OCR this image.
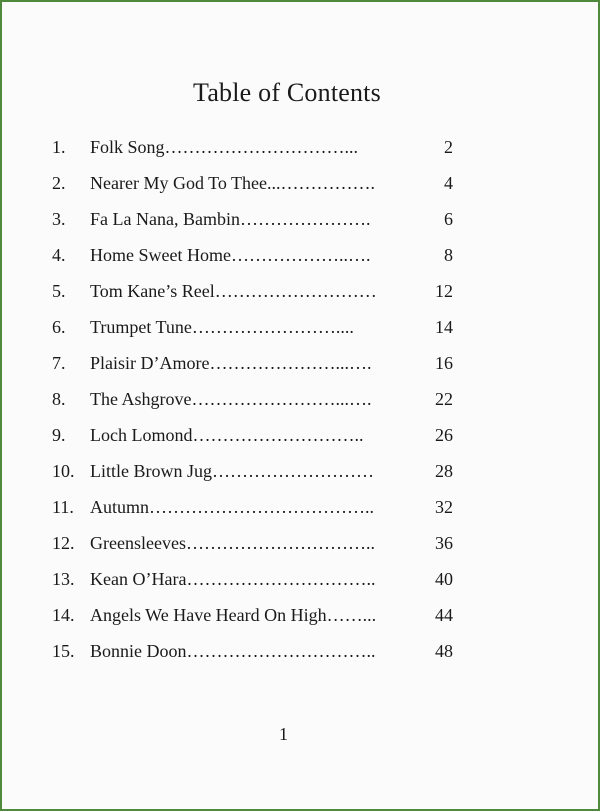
Table of Contents
1. Folk Song…………………………...	2
2. Nearer My God To Thee...…………….	4
3. Fa La Nana, Bambin………………….	6
4. Home Sweet Home………………..….	8
5. Tom Kane’s Reel………………………	12
6. Trumpet Tune……………………....	14
7. Plaisir D’Amore…………………...….	16
8. The Ashgrove……………………...….	22
9. Loch Lomond………………………..	26
10. Little Brown Jug………………………	28
11. Autumn………………………………..	32
12. Greensleeves…………………………..	36
13. Kean O’Hara…………………………..	40
14. Angels We Have Heard On High……...	44
15. Bonnie Doon…………………………..	48
1
